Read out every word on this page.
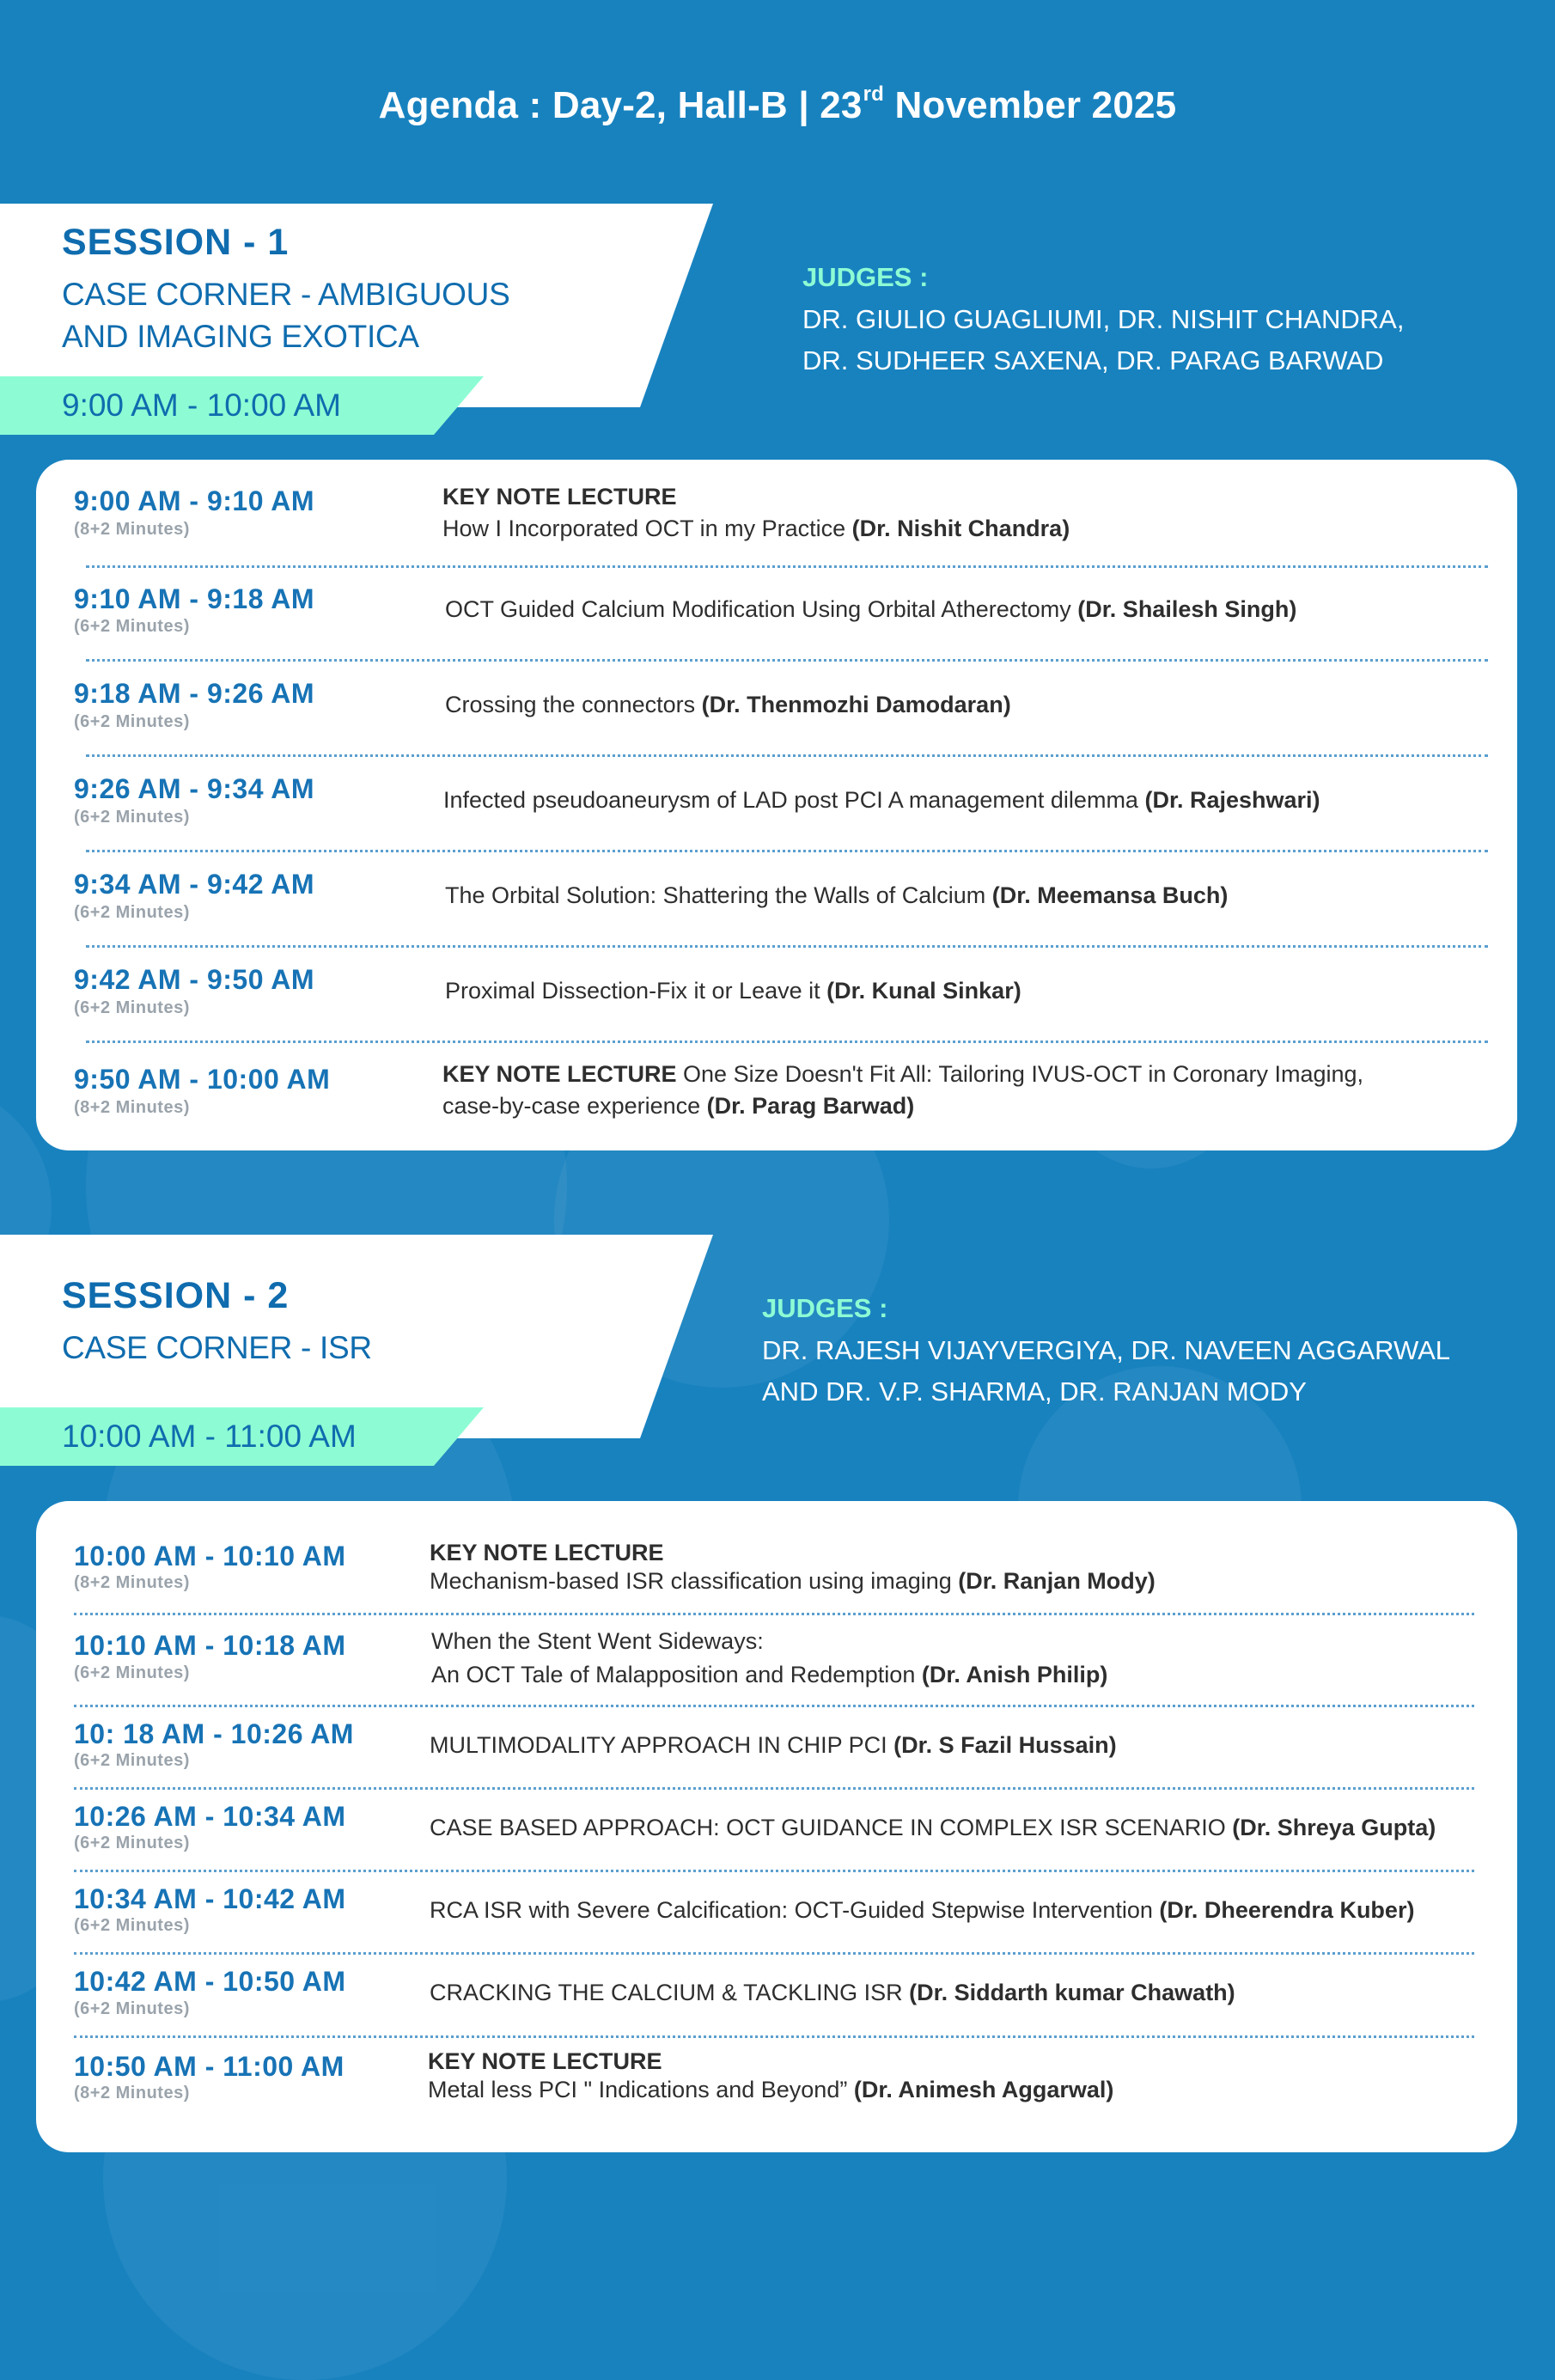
Agenda : Day-2, Hall-B | 23rd November 2025
SESSION - 1
CASE CORNER - AMBIGUOUS
AND IMAGING EXOTICA
9:00 AM - 10:00 AM
JUDGES :
DR. GIULIO GUAGLIUMI, DR. NISHIT CHANDRA,
DR. SUDHEER SAXENA, DR. PARAG BARWAD
9:00 AM - 9:10 AM
(8+2 Minutes)
KEY NOTE LECTURE
How I Incorporated OCT in my Practice (Dr. Nishit Chandra)
9:10 AM - 9:18 AM
(6+2 Minutes)
OCT Guided Calcium Modification Using Orbital Atherectomy (Dr. Shailesh Singh)
9:18 AM - 9:26 AM
(6+2 Minutes)
Crossing the connectors (Dr. Thenmozhi Damodaran)
9:26 AM - 9:34 AM
(6+2 Minutes)
Infected pseudoaneurysm of LAD post PCI A management dilemma (Dr. Rajeshwari)
9:34 AM - 9:42 AM
(6+2 Minutes)
The Orbital Solution: Shattering the Walls of Calcium (Dr. Meemansa Buch)
9:42 AM - 9:50 AM
(6+2 Minutes)
Proximal Dissection-Fix it or Leave it (Dr. Kunal Sinkar)
9:50 AM - 10:00 AM
(8+2 Minutes)
KEY NOTE LECTURE One Size Doesn't Fit All: Tailoring IVUS-OCT in Coronary Imaging,
case-by-case experience (Dr. Parag Barwad)
SESSION - 2
CASE CORNER - ISR
10:00 AM - 11:00 AM
JUDGES :
DR. RAJESH VIJAYVERGIYA, DR. NAVEEN AGGARWAL
AND DR. V.P. SHARMA, DR. RANJAN MODY
10:00 AM - 10:10 AM
(8+2 Minutes)
KEY NOTE LECTURE
Mechanism-based ISR classification using imaging (Dr. Ranjan Mody)
10:10 AM - 10:18 AM
(6+2 Minutes)
When the Stent Went Sideways:
An OCT Tale of Malapposition and Redemption (Dr. Anish Philip)
10: 18 AM - 10:26 AM
(6+2 Minutes)
MULTIMODALITY APPROACH IN CHIP PCI (Dr. S Fazil Hussain)
10:26 AM - 10:34 AM
(6+2 Minutes)
CASE BASED APPROACH: OCT GUIDANCE IN COMPLEX ISR SCENARIO (Dr. Shreya Gupta)
10:34 AM - 10:42 AM
(6+2 Minutes)
RCA ISR with Severe Calcification: OCT-Guided Stepwise Intervention (Dr. Dheerendra Kuber)
10:42 AM - 10:50 AM
(6+2 Minutes)
CRACKING THE CALCIUM & TACKLING ISR (Dr. Siddarth kumar Chawath)
10:50 AM - 11:00 AM
(8+2 Minutes)
KEY NOTE LECTURE
Metal less PCI " Indications and Beyond” (Dr. Animesh Aggarwal)
